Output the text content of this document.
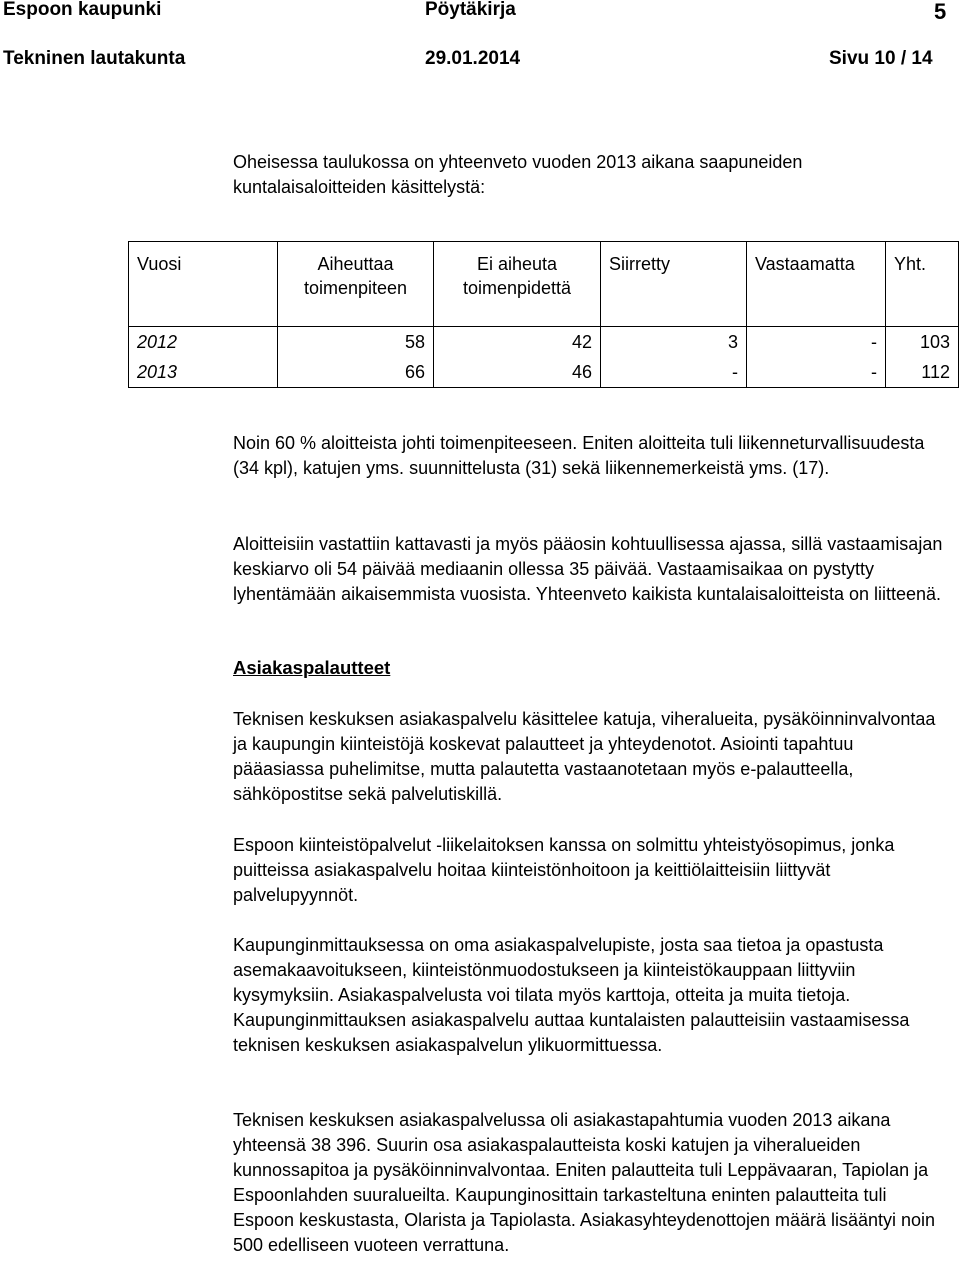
Espoon kaupunki	Pöytäkirja	5
Tekninen lautakunta	29.01.2014	Sivu 10 / 14

Oheisessa taulukossa on yhteenveto vuoden 2013 aikana saapuneiden kuntalaisaloitteiden käsittelystä:

Vuosi	Aiheuttaa toimenpiteen	Ei aiheuta toimenpidettä	Siirretty	Vastaamatta	Yht.
2012	58	42	3	-	103
2013	66	46	-	-	112

Noin 60 % aloitteista johti toimenpiteeseen. Eniten aloitteita tuli liikenneturvallisuudesta (34 kpl), katujen yms. suunnittelusta (31) sekä liikennemerkeistä yms. (17).

Aloitteisiin vastattiin kattavasti ja myös pääosin kohtuullisessa ajassa, sillä vastaamisajan keskiarvo oli 54 päivää mediaanin ollessa 35 päivää. Vastaamisaikaa on pystytty lyhentämään aikaisemmista vuosista. Yhteenveto kaikista kuntalaisaloitteista on liitteenä.

Asiakaspalautteet

Teknisen keskuksen asiakaspalvelu käsittelee katuja, viheralueita, pysäköinninvalvontaa ja kaupungin kiinteistöjä koskevat palautteet ja yhteydenotot. Asiointi tapahtuu pääasiassa puhelimitse, mutta palautetta vastaanotetaan myös e-palautteella, sähköpostitse sekä palvelutiskillä.

Espoon kiinteistöpalvelut -liikelaitoksen kanssa on solmittu yhteistyösopimus, jonka puitteissa asiakaspalvelu hoitaa kiinteistönhoitoon ja keittiölaitteisiin liittyvät palvelupyynnöt.

Kaupunginmittauksessa on oma asiakaspalvelupiste, josta saa tietoa ja opastusta asemakaavoitukseen, kiinteistönmuodostukseen ja kiinteistökauppaan liittyviin kysymyksiin. Asiakaspalvelusta voi tilata myös karttoja, otteita ja muita tietoja. Kaupunginmittauksen asiakaspalvelu auttaa kuntalaisten palautteisiin vastaamisessa teknisen keskuksen asiakaspalvelun ylikuormittuessa.

Teknisen keskuksen asiakaspalvelussa oli asiakastapahtumia vuoden 2013 aikana yhteensä 38 396. Suurin osa asiakaspalautteista koski katujen ja viheralueiden kunnossapitoa ja pysäköinninvalvontaa. Eniten palautteita tuli Leppävaaran, Tapiolan ja Espoonlahden suuralueilta. Kaupunginosittain tarkasteltuna eninten palautteita tuli Espoon keskustasta, Olarista ja Tapiolasta. Asiakasyhteydenottojen määrä lisääntyi noin 500 edelliseen vuoteen verrattuna.
